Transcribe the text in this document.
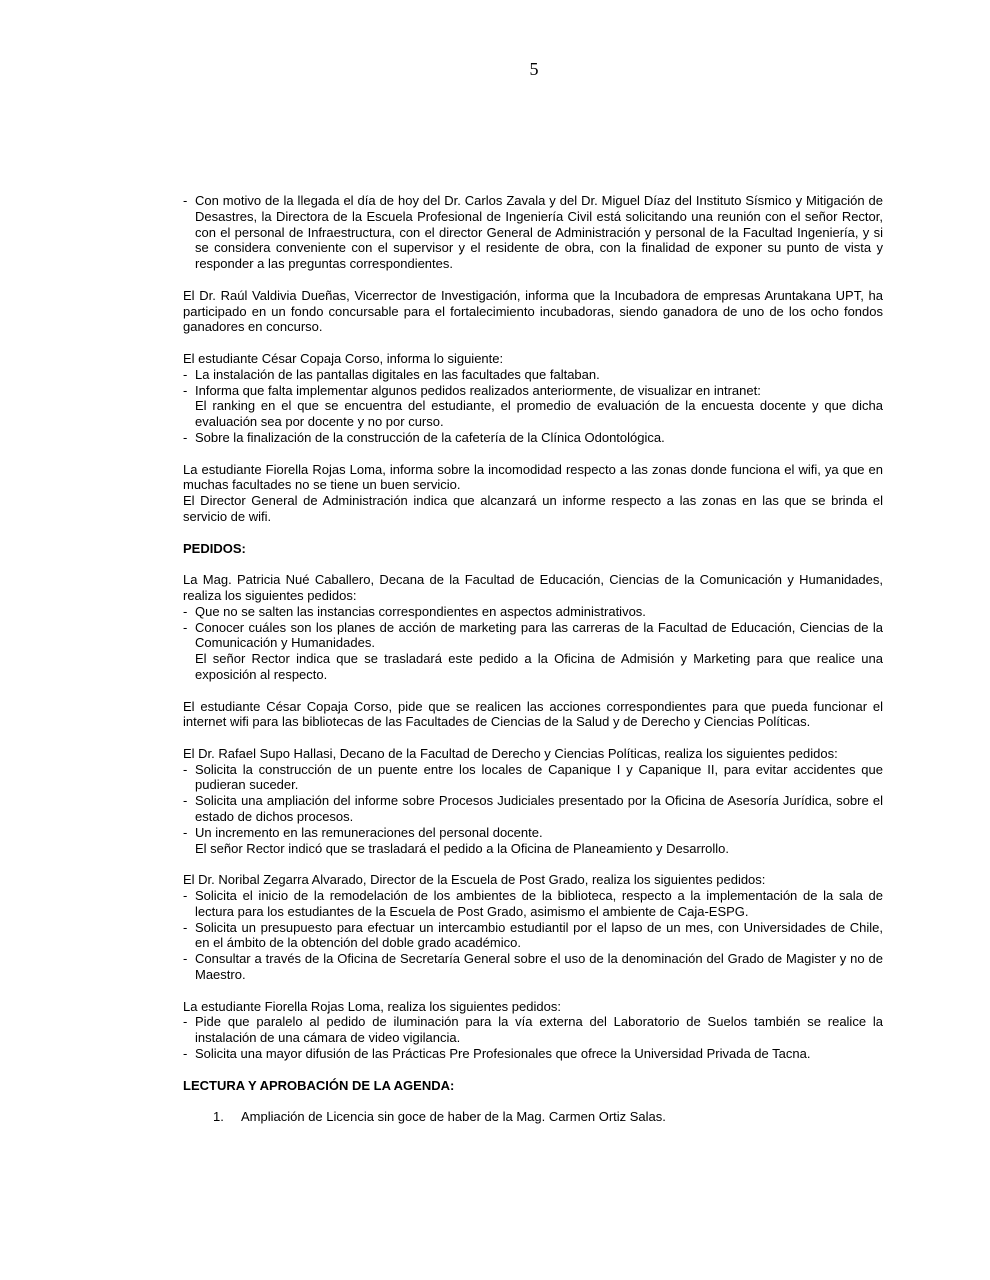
5
- Con motivo de la llegada el día de hoy del Dr. Carlos Zavala y del Dr. Miguel Díaz del Instituto Sísmico y Mitigación de Desastres, la Directora de la Escuela Profesional de Ingeniería Civil está solicitando una reunión con el señor Rector, con el personal de Infraestructura, con el director General de Administración y personal de la Facultad Ingeniería, y si se considera conveniente con el supervisor y el residente de obra, con la finalidad de exponer su punto de vista y responder a las preguntas correspondientes.

El Dr. Raúl Valdivia Dueñas, Vicerrector de Investigación, informa que la Incubadora de empresas Aruntakana UPT, ha participado en un fondo concursable para el fortalecimiento incubadoras, siendo ganadora de uno de los ocho fondos ganadores en concurso.

El estudiante César Copaja Corso, informa lo siguiente:

- La instalación de las pantallas digitales en las facultades que faltaban.
- Informa que falta implementar algunos pedidos realizados anteriormente, de visualizar en intranet:

El ranking en el que se encuentra del estudiante, el promedio de evaluación de la encuesta docente y que dicha evaluación sea por docente y no por curso.

- Sobre la finalización de la construcción de la cafetería de la Clínica Odontológica.

La estudiante Fiorella Rojas Loma, informa sobre la incomodidad respecto a las zonas donde funciona el wifi, ya que en muchas facultades no se tiene un buen servicio.

El Director General de Administración indica que alcanzará un informe respecto a las zonas en las que se brinda el servicio de wifi.

PEDIDOS:

La Mag. Patricia Nué Caballero, Decana de la Facultad de Educación, Ciencias de la Comunicación y Humanidades, realiza los siguientes pedidos:

- Que no se salten las instancias correspondientes en aspectos administrativos.
- Conocer cuáles son los planes de acción de marketing para las carreras de la Facultad de Educación, Ciencias de la Comunicación y Humanidades.

El señor Rector indica que se trasladará este pedido a la Oficina de Admisión y Marketing para que realice una exposición al respecto.

El estudiante César Copaja Corso, pide que se realicen las acciones correspondientes para que pueda funcionar el internet wifi para las bibliotecas de las Facultades de Ciencias de la Salud y de Derecho y Ciencias Políticas.

El Dr. Rafael Supo Hallasi, Decano de la Facultad de Derecho y Ciencias Políticas, realiza los siguientes pedidos:

- Solicita la construcción de un puente entre los locales de Capanique I y Capanique II, para evitar accidentes que pudieran suceder.
- Solicita una ampliación del informe sobre Procesos Judiciales presentado por la Oficina de Asesoría Jurídica, sobre el estado de dichos procesos.
- Un incremento en las remuneraciones del personal docente.

El señor Rector indicó que se trasladará el pedido a la Oficina de Planeamiento y Desarrollo.

El Dr. Noribal Zegarra Alvarado, Director de la Escuela de Post Grado, realiza los siguientes pedidos:

- Solicita el inicio de la remodelación de los ambientes de la biblioteca, respecto a la implementación de la sala de lectura para los estudiantes de la Escuela de Post Grado, asimismo el ambiente de Caja-ESPG.
- Solicita un presupuesto para efectuar un intercambio estudiantil por el lapso de un mes, con Universidades de Chile, en el ámbito de la obtención del doble grado académico.
- Consultar a través de la Oficina de Secretaría General sobre el uso de la denominación del Grado de Magister y no de Maestro.

La estudiante Fiorella Rojas Loma, realiza los siguientes pedidos:

- Pide que paralelo al pedido de iluminación para la vía externa del Laboratorio de Suelos también se realice la instalación de una cámara de video vigilancia.
- Solicita una mayor difusión de las Prácticas Pre Profesionales que ofrece la Universidad Privada de Tacna.

LECTURA Y APROBACIÓN DE LA AGENDA:

1. Ampliación de Licencia sin goce de haber de la Mag. Carmen Ortiz Salas.
